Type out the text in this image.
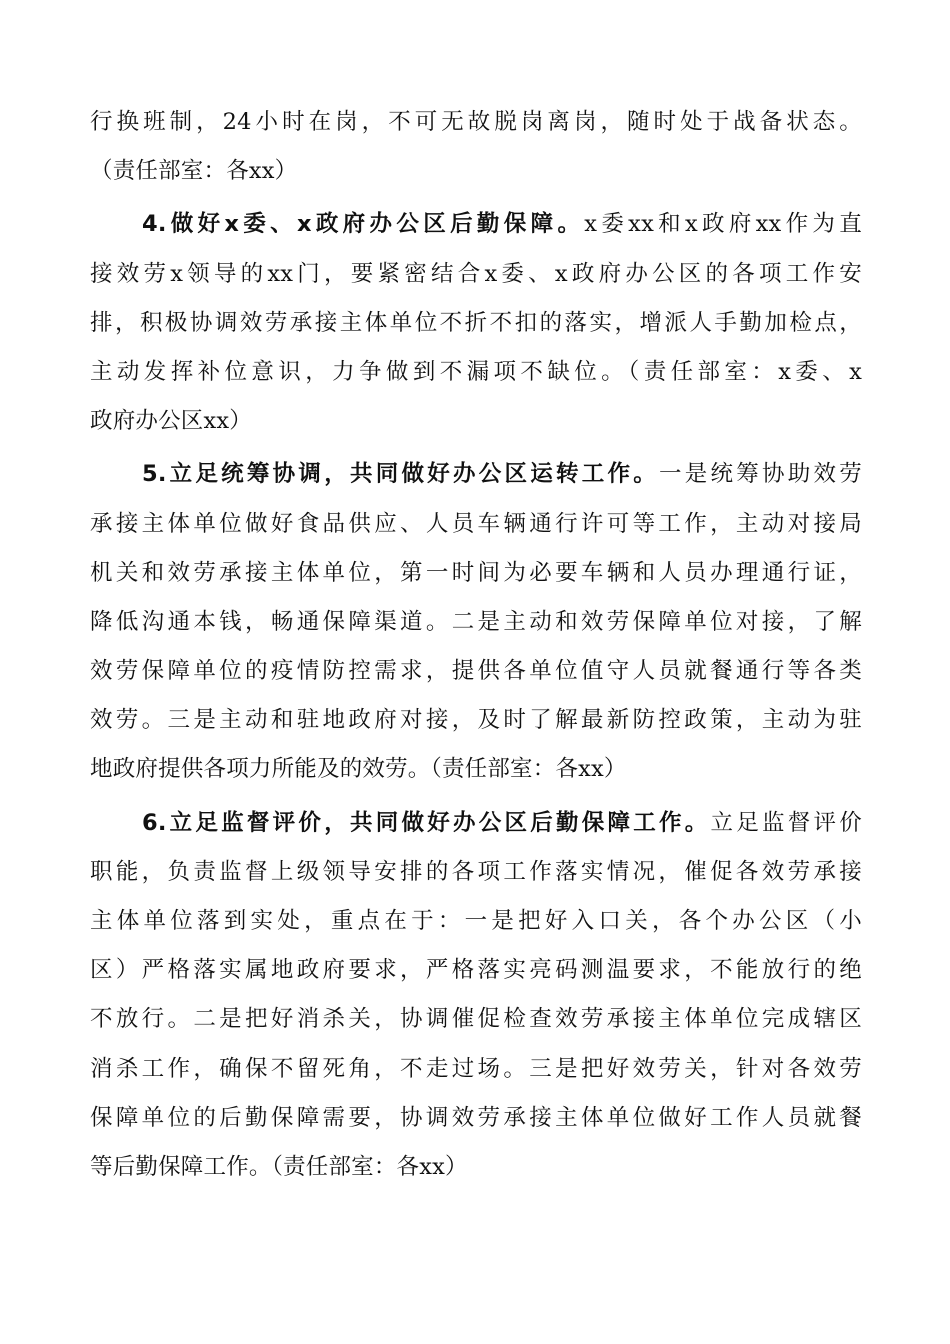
行换班制，24小时在岗，不可无故脱岗离岗，随时处于战备状态。
（责任部室：各xx）
4.做好x委、x政府办公区后勤保障。x委xx和x政府xx作为直
接效劳x领导的xx门，要紧密结合x委、x政府办公区的各项工作安
排，积极协调效劳承接主体单位不折不扣的落实，增派人手勤加检点，
主动发挥补位意识，力争做到不漏项不缺位。（责任部室：x委、x
政府办公区xx）
5.立足统筹协调，共同做好办公区运转工作。一是统筹协助效劳
承接主体单位做好食品供应、人员车辆通行许可等工作，主动对接局
机关和效劳承接主体单位，第一时间为必要车辆和人员办理通行证，
降低沟通本钱，畅通保障渠道。二是主动和效劳保障单位对接，了解
效劳保障单位的疫情防控需求，提供各单位值守人员就餐通行等各类
效劳。三是主动和驻地政府对接，及时了解最新防控政策，主动为驻
地政府提供各项力所能及的效劳。（责任部室：各xx）
6.立足监督评价，共同做好办公区后勤保障工作。立足监督评价
职能，负责监督上级领导安排的各项工作落实情况，催促各效劳承接
主体单位落到实处，重点在于：一是把好入口关，各个办公区（小
区）严格落实属地政府要求，严格落实亮码测温要求，不能放行的绝
不放行。二是把好消杀关，协调催促检查效劳承接主体单位完成辖区
消杀工作，确保不留死角，不走过场。三是把好效劳关，针对各效劳
保障单位的后勤保障需要，协调效劳承接主体单位做好工作人员就餐
等后勤保障工作。（责任部室：各xx）
